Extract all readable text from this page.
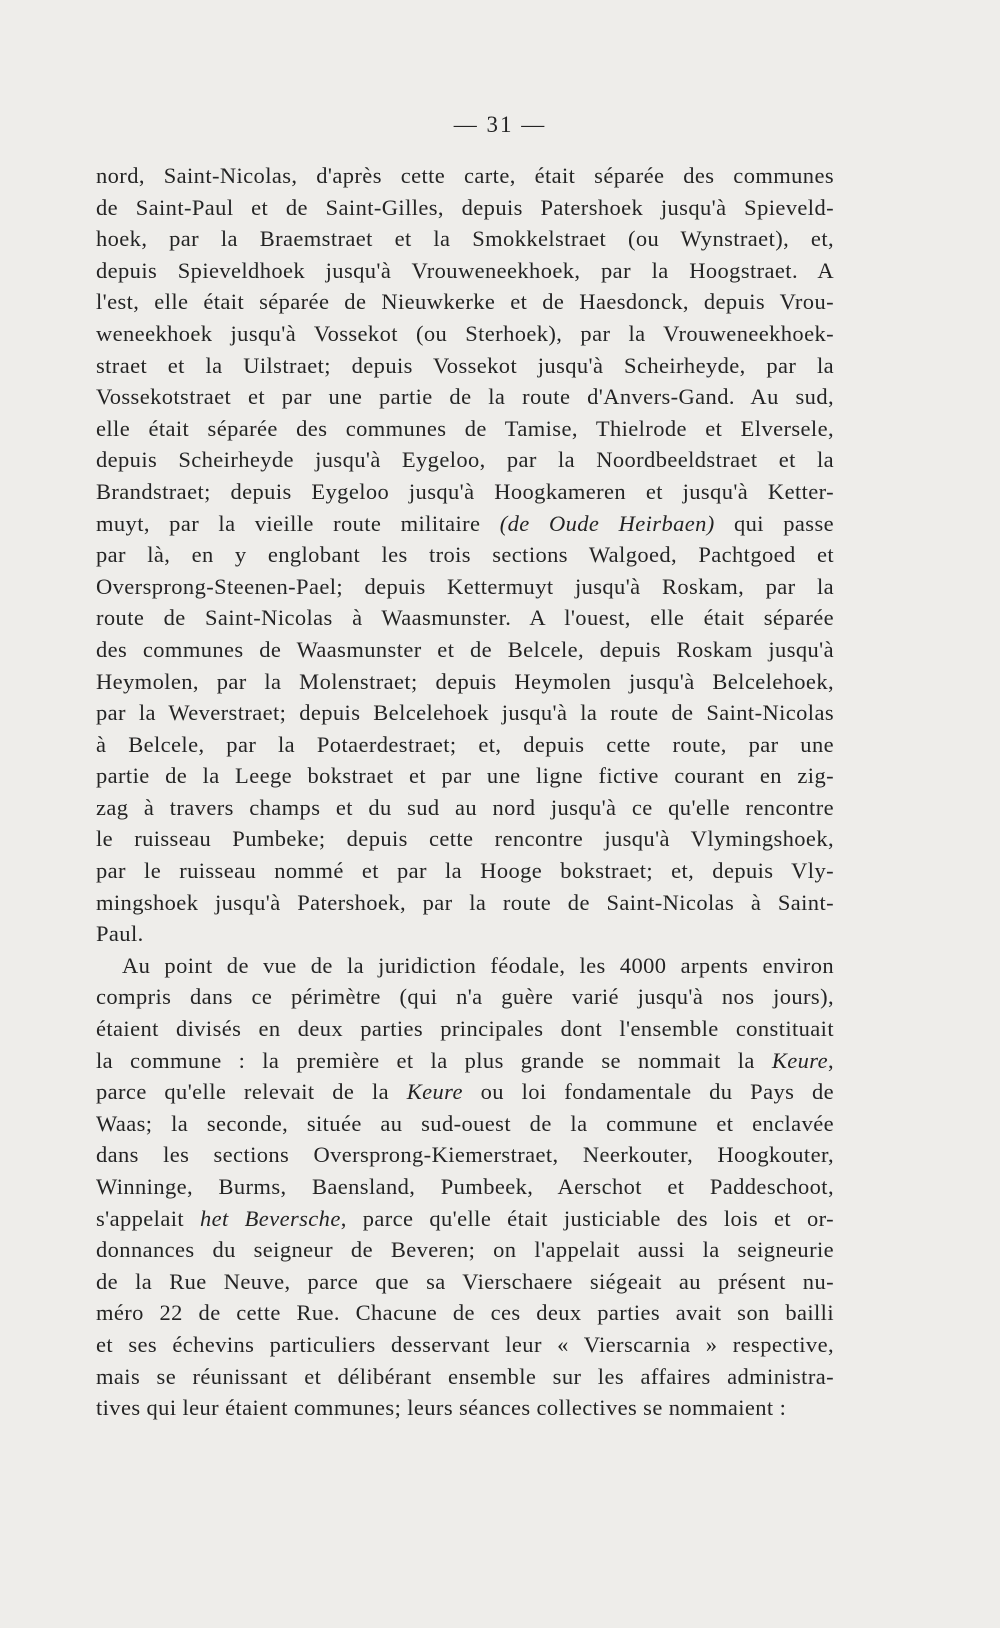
— 31 —
nord, Saint-Nicolas, d'après cette carte, était séparée des communes
de Saint-Paul et de Saint-Gilles, depuis Patershoek jusqu'à Spieveld-
hoek, par la Braemstraet et la Smokkelstraet (ou Wynstraet), et,
depuis Spieveldhoek jusqu'à Vrouweneekhoek, par la Hoogstraet. A
l'est, elle était séparée de Nieuwkerke et de Haesdonck, depuis Vrou-
weneekhoek jusqu'à Vossekot (ou Sterhoek), par la Vrouweneekhoek-
straet et la Uilstraet; depuis Vossekot jusqu'à Scheirheyde, par la
Vossekotstraet et par une partie de la route d'Anvers-Gand. Au sud,
elle était séparée des communes de Tamise, Thielrode et Elversele,
depuis Scheirheyde jusqu'à Eygeloo, par la Noordbeeldstraet et la
Brandstraet; depuis Eygeloo jusqu'à Hoogkameren et jusqu'à Ketter-
muyt, par la vieille route militaire (de Oude Heirbaen) qui passe
par là, en y englobant les trois sections Walgoed, Pachtgoed et
Oversprong-Steenen-Pael; depuis Kettermuyt jusqu'à Roskam, par la
route de Saint-Nicolas à Waasmunster. A l'ouest, elle était séparée
des communes de Waasmunster et de Belcele, depuis Roskam jusqu'à
Heymolen, par la Molenstraet; depuis Heymolen jusqu'à Belcelehoek,
par la Weverstraet; depuis Belcelehoek jusqu'à la route de Saint-Nicolas
à Belcele, par la Potaerdestraet; et, depuis cette route, par une
partie de la Leege bokstraet et par une ligne fictive courant en zig-
zag à travers champs et du sud au nord jusqu'à ce qu'elle rencontre
le ruisseau Pumbeke; depuis cette rencontre jusqu'à Vlymingshoek,
par le ruisseau nommé et par la Hooge bokstraet; et, depuis Vly-
mingshoek jusqu'à Patershoek, par la route de Saint-Nicolas à Saint-
Paul.
Au point de vue de la juridiction féodale, les 4000 arpents environ
compris dans ce périmètre (qui n'a guère varié jusqu'à nos jours),
étaient divisés en deux parties principales dont l'ensemble constituait
la commune : la première et la plus grande se nommait la Keure,
parce qu'elle relevait de la Keure ou loi fondamentale du Pays de
Waas; la seconde, située au sud-ouest de la commune et enclavée
dans les sections Oversprong-Kiemerstraet, Neerkouter, Hoogkouter,
Winninge, Burms, Baensland, Pumbeek, Aerschot et Paddeschoot,
s'appelait het Beversche, parce qu'elle était justiciable des lois et or-
donnances du seigneur de Beveren; on l'appelait aussi la seigneurie
de la Rue Neuve, parce que sa Vierschaere siégeait au présent nu-
méro 22 de cette Rue. Chacune de ces deux parties avait son bailli
et ses échevins particuliers desservant leur « Vierscarnia » respective,
mais se réunissant et délibérant ensemble sur les affaires administra-
tives qui leur étaient communes; leurs séances collectives se nommaient :
